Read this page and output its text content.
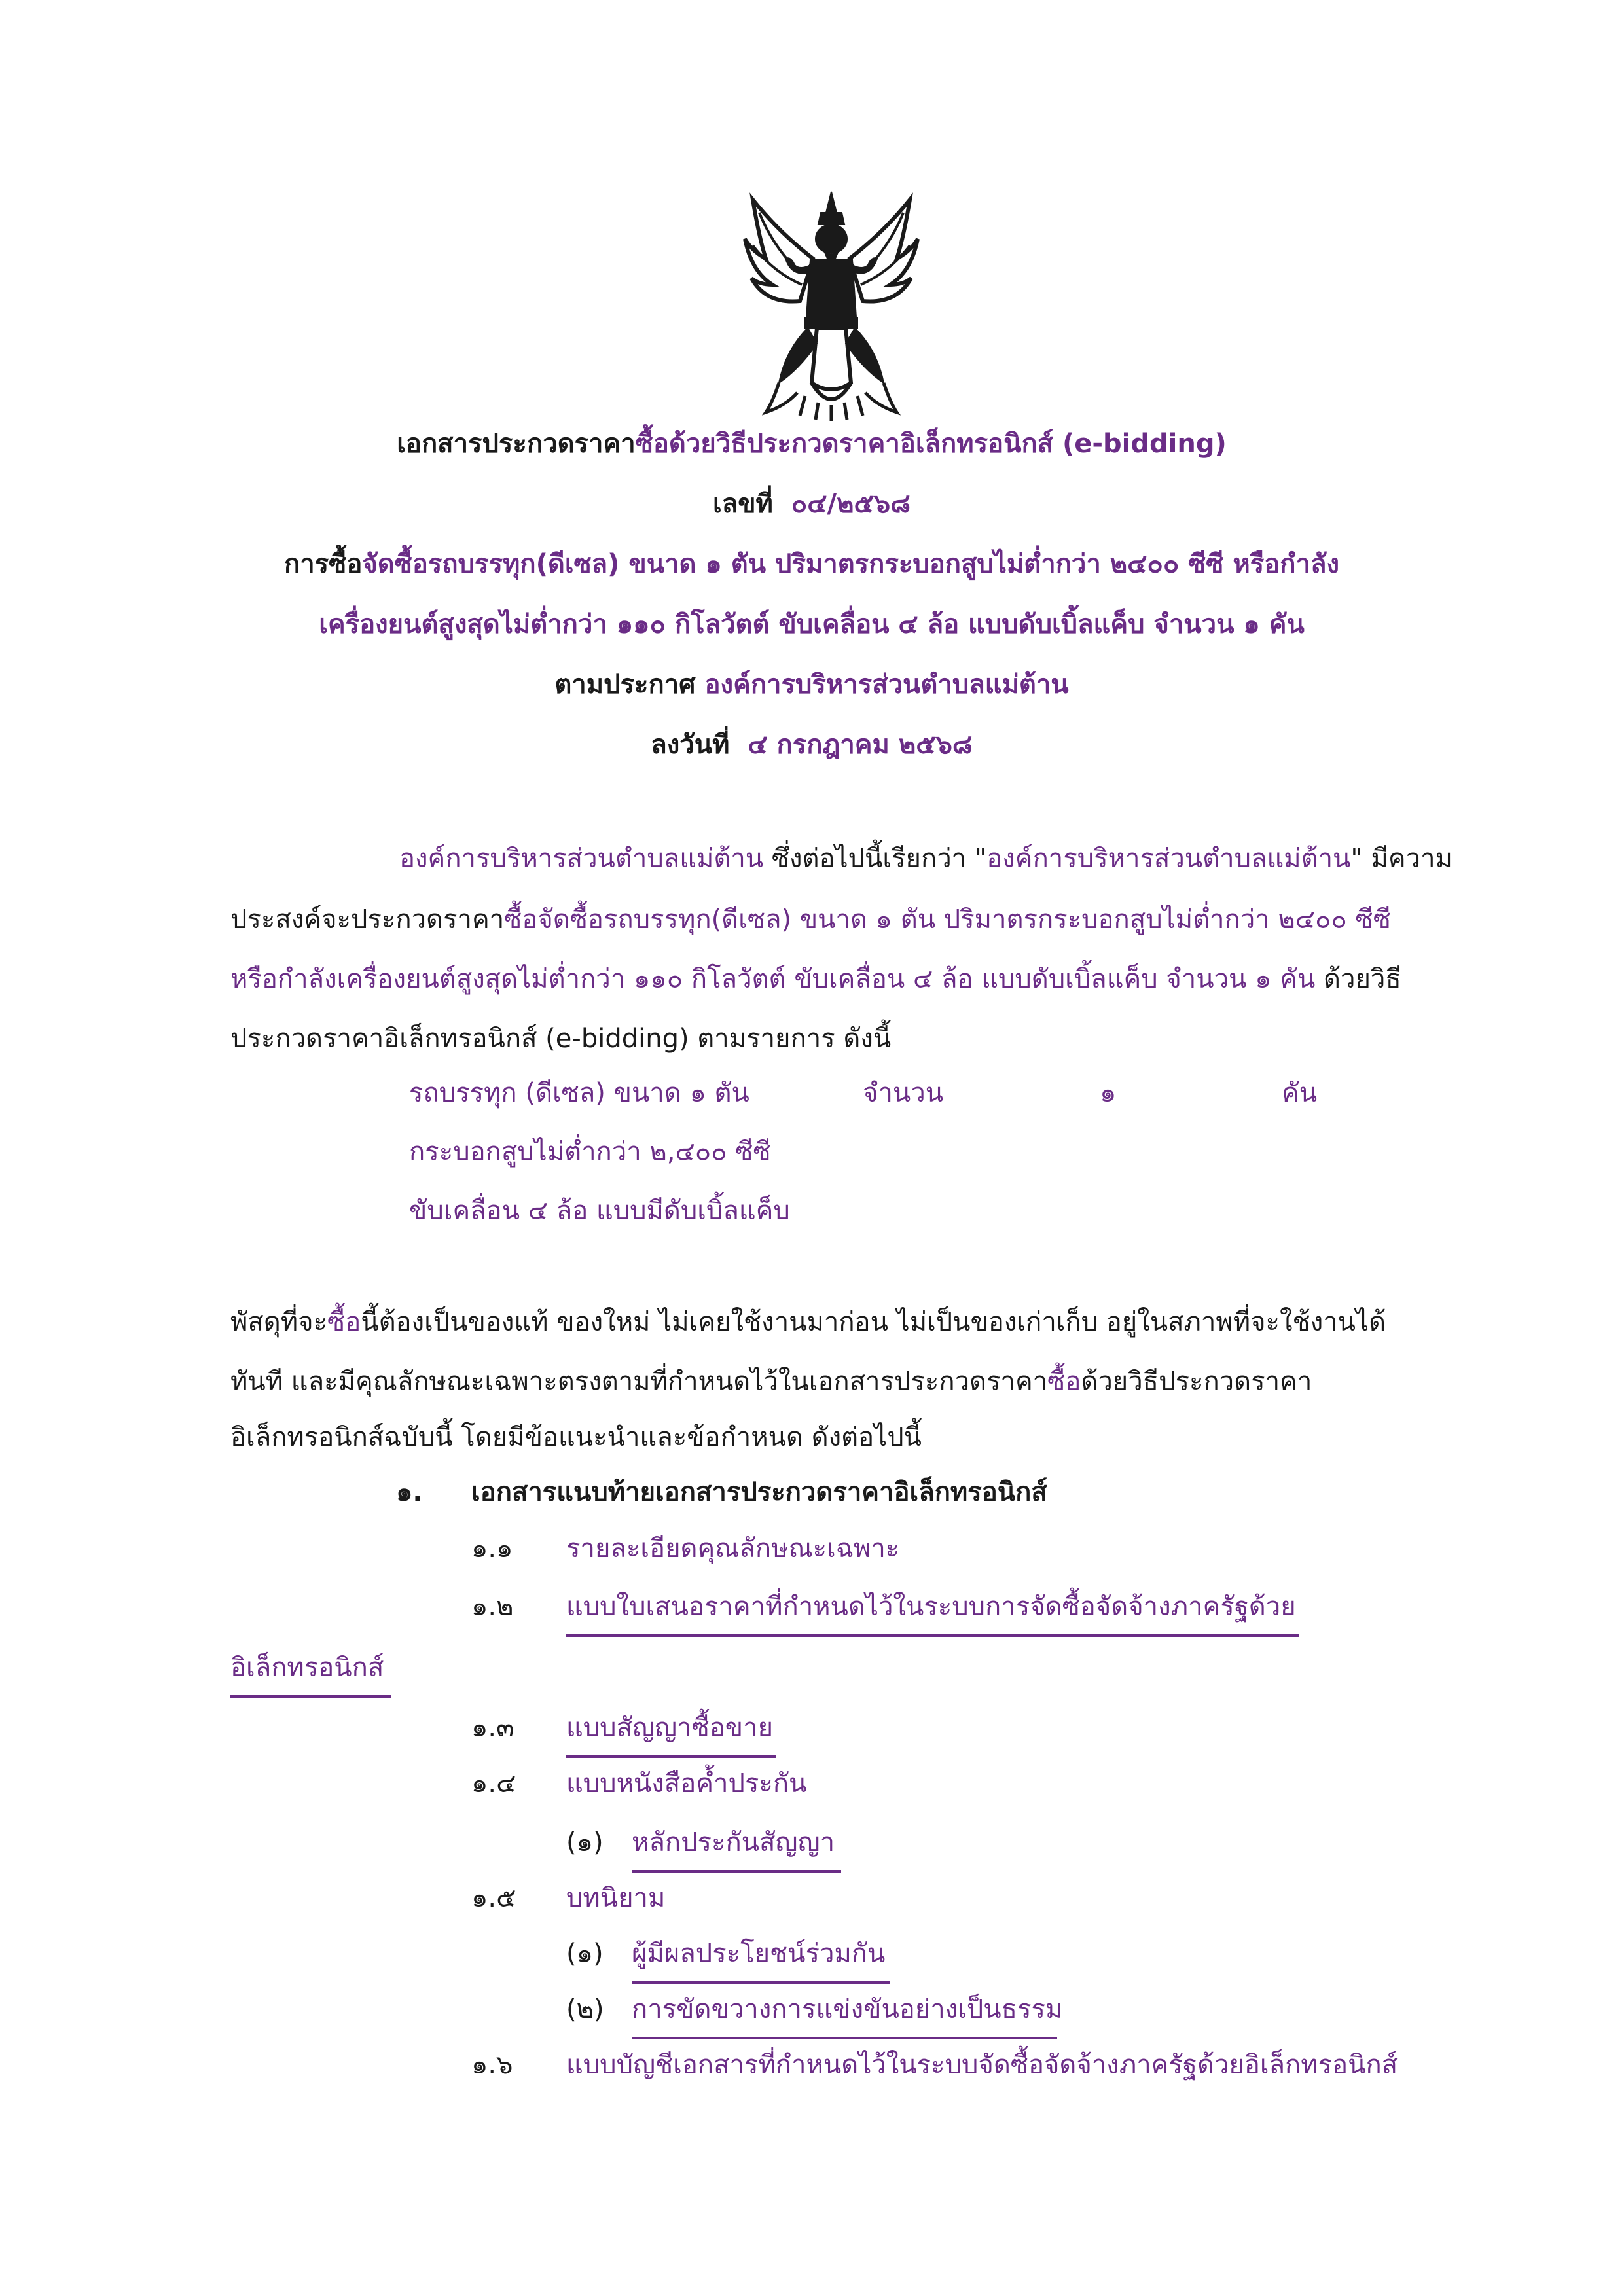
เอกสารประกวดราคาซื้อด้วยวิธีประกวดราคาอิเล็กทรอนิกส์ (e-bidding)
เลขที่ ๐๔/๒๕๖๘
การซื้อจัดซื้อรถบรรทุก(ดีเซล) ขนาด ๑ ตัน ปริมาตรกระบอกสูบไม่ต่ำกว่า ๒๔๐๐ ซีซี หรือกำลัง
เครื่องยนต์สูงสุดไม่ต่ำกว่า ๑๑๐ กิโลวัตต์ ขับเคลื่อน ๔ ล้อ แบบดับเบิ้ลแค็บ จำนวน ๑ คัน
ตามประกาศ องค์การบริหารส่วนตำบลแม่ต้าน
ลงวันที่ ๔ กรกฎาคม ๒๕๖๘
องค์การบริหารส่วนตำบลแม่ต้าน ซึ่งต่อไปนี้เรียกว่า "องค์การบริหารส่วนตำบลแม่ต้าน" มีความ
ประสงค์จะประกวดราคาซื้อจัดซื้อรถบรรทุก(ดีเซล) ขนาด ๑ ตัน ปริมาตรกระบอกสูบไม่ต่ำกว่า ๒๔๐๐ ซีซี
หรือกำลังเครื่องยนต์สูงสุดไม่ต่ำกว่า ๑๑๐ กิโลวัตต์ ขับเคลื่อน ๔ ล้อ แบบดับเบิ้ลแค็บ จำนวน ๑ คัน ด้วยวิธี
ประกวดราคาอิเล็กทรอนิกส์ (e-bidding) ตามรายการ ดังนี้
รถบรรทุก (ดีเซล) ขนาด ๑ ตัน	จำนวน	๑	คัน
กระบอกสูบไม่ต่ำกว่า ๒,๔๐๐ ซีซี
ขับเคลื่อน ๔ ล้อ แบบมีดับเบิ้ลแค็บ
พัสดุที่จะซื้อนี้ต้องเป็นของแท้ ของใหม่ ไม่เคยใช้งานมาก่อน ไม่เป็นของเก่าเก็บ อยู่ในสภาพที่จะใช้งานได้
ทันที และมีคุณลักษณะเฉพาะตรงตามที่กำหนดไว้ในเอกสารประกวดราคาซื้อด้วยวิธีประกวดราคา
อิเล็กทรอนิกส์ฉบับนี้ โดยมีข้อแนะนำและข้อกำหนด ดังต่อไปนี้
๑. เอกสารแนบท้ายเอกสารประกวดราคาอิเล็กทรอนิกส์
๑.๑ รายละเอียดคุณลักษณะเฉพาะ
๑.๒ แบบใบเสนอราคาที่กำหนดไว้ในระบบการจัดซื้อจัดจ้างภาครัฐด้วย
อิเล็กทรอนิกส์
๑.๓ แบบสัญญาซื้อขาย
๑.๔ แบบหนังสือค้ำประกัน
(๑) หลักประกันสัญญา
๑.๕ บทนิยาม
(๑) ผู้มีผลประโยชน์ร่วมกัน
(๒) การขัดขวางการแข่งขันอย่างเป็นธรรม
๑.๖ แบบบัญชีเอกสารที่กำหนดไว้ในระบบจัดซื้อจัดจ้างภาครัฐด้วยอิเล็กทรอนิกส์
